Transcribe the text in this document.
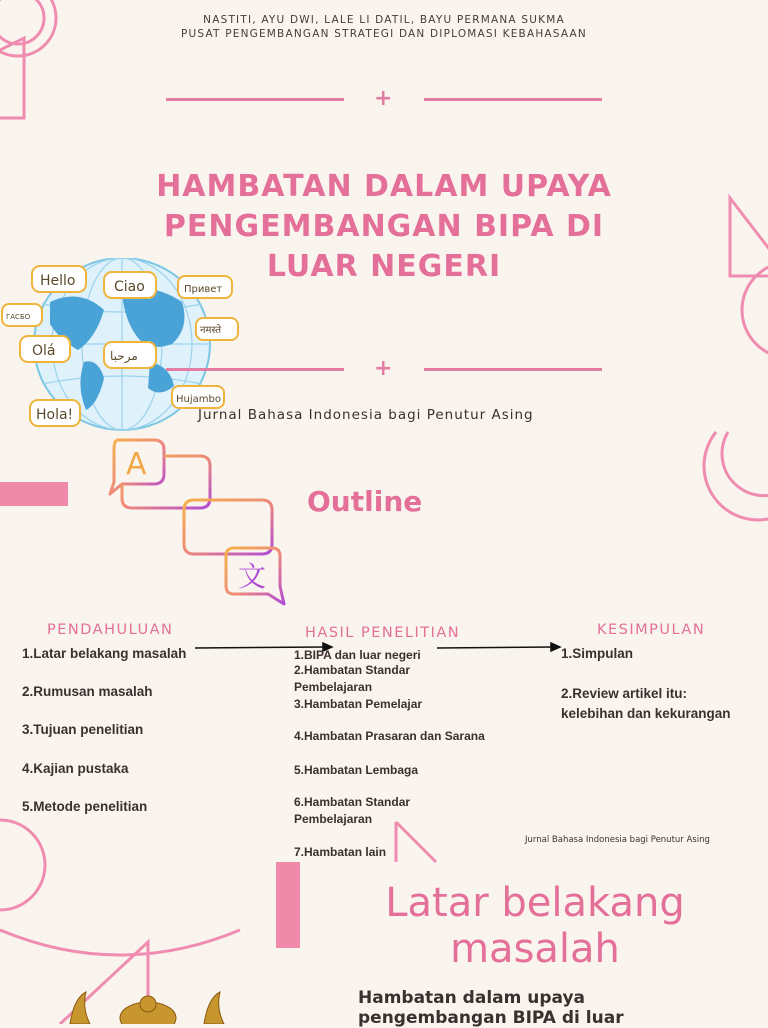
NASTITI, AYU DWI, LALE LI DATIL, BAYU PERMANA SUKMA
PUSAT PENGEMBANGAN STRATEGI DAN DIPLOMASI KEBAHASAAN
+
HAMBATAN DALAM UPAYA PENGEMBANGAN BIPA DI LUAR NEGERI
Hello	Ciao	Привет
ГАСБО
Olá	مرحبا
नमस्ते
Hujambo
Hola!
+
Jurnal Bahasa Indonesia bagi Penutur Asing
A
文
Outline
PENDAHULUAN	HASIL PENELITIAN	KESIMPULAN
1.Latar belakang masalah
2.Rumusan masalah
3.Tujuan penelitian
4.Kajian pustaka
5.Metode penelitian
1.BIPA dan luar negeri
2.Hambatan Standar Pembelajaran
3.Hambatan Pemelajar
4.Hambatan Prasaran dan Sarana
5.Hambatan Lembaga
6.Hambatan Standar Pembelajaran
7.Hambatan lain
1.Simpulan
2.Review artikel itu: kelebihan dan kekurangan
Jurnal Bahasa Indonesia bagi Penutur Asing
Latar belakang masalah
Hambatan dalam upaya pengembangan BIPA di luar
